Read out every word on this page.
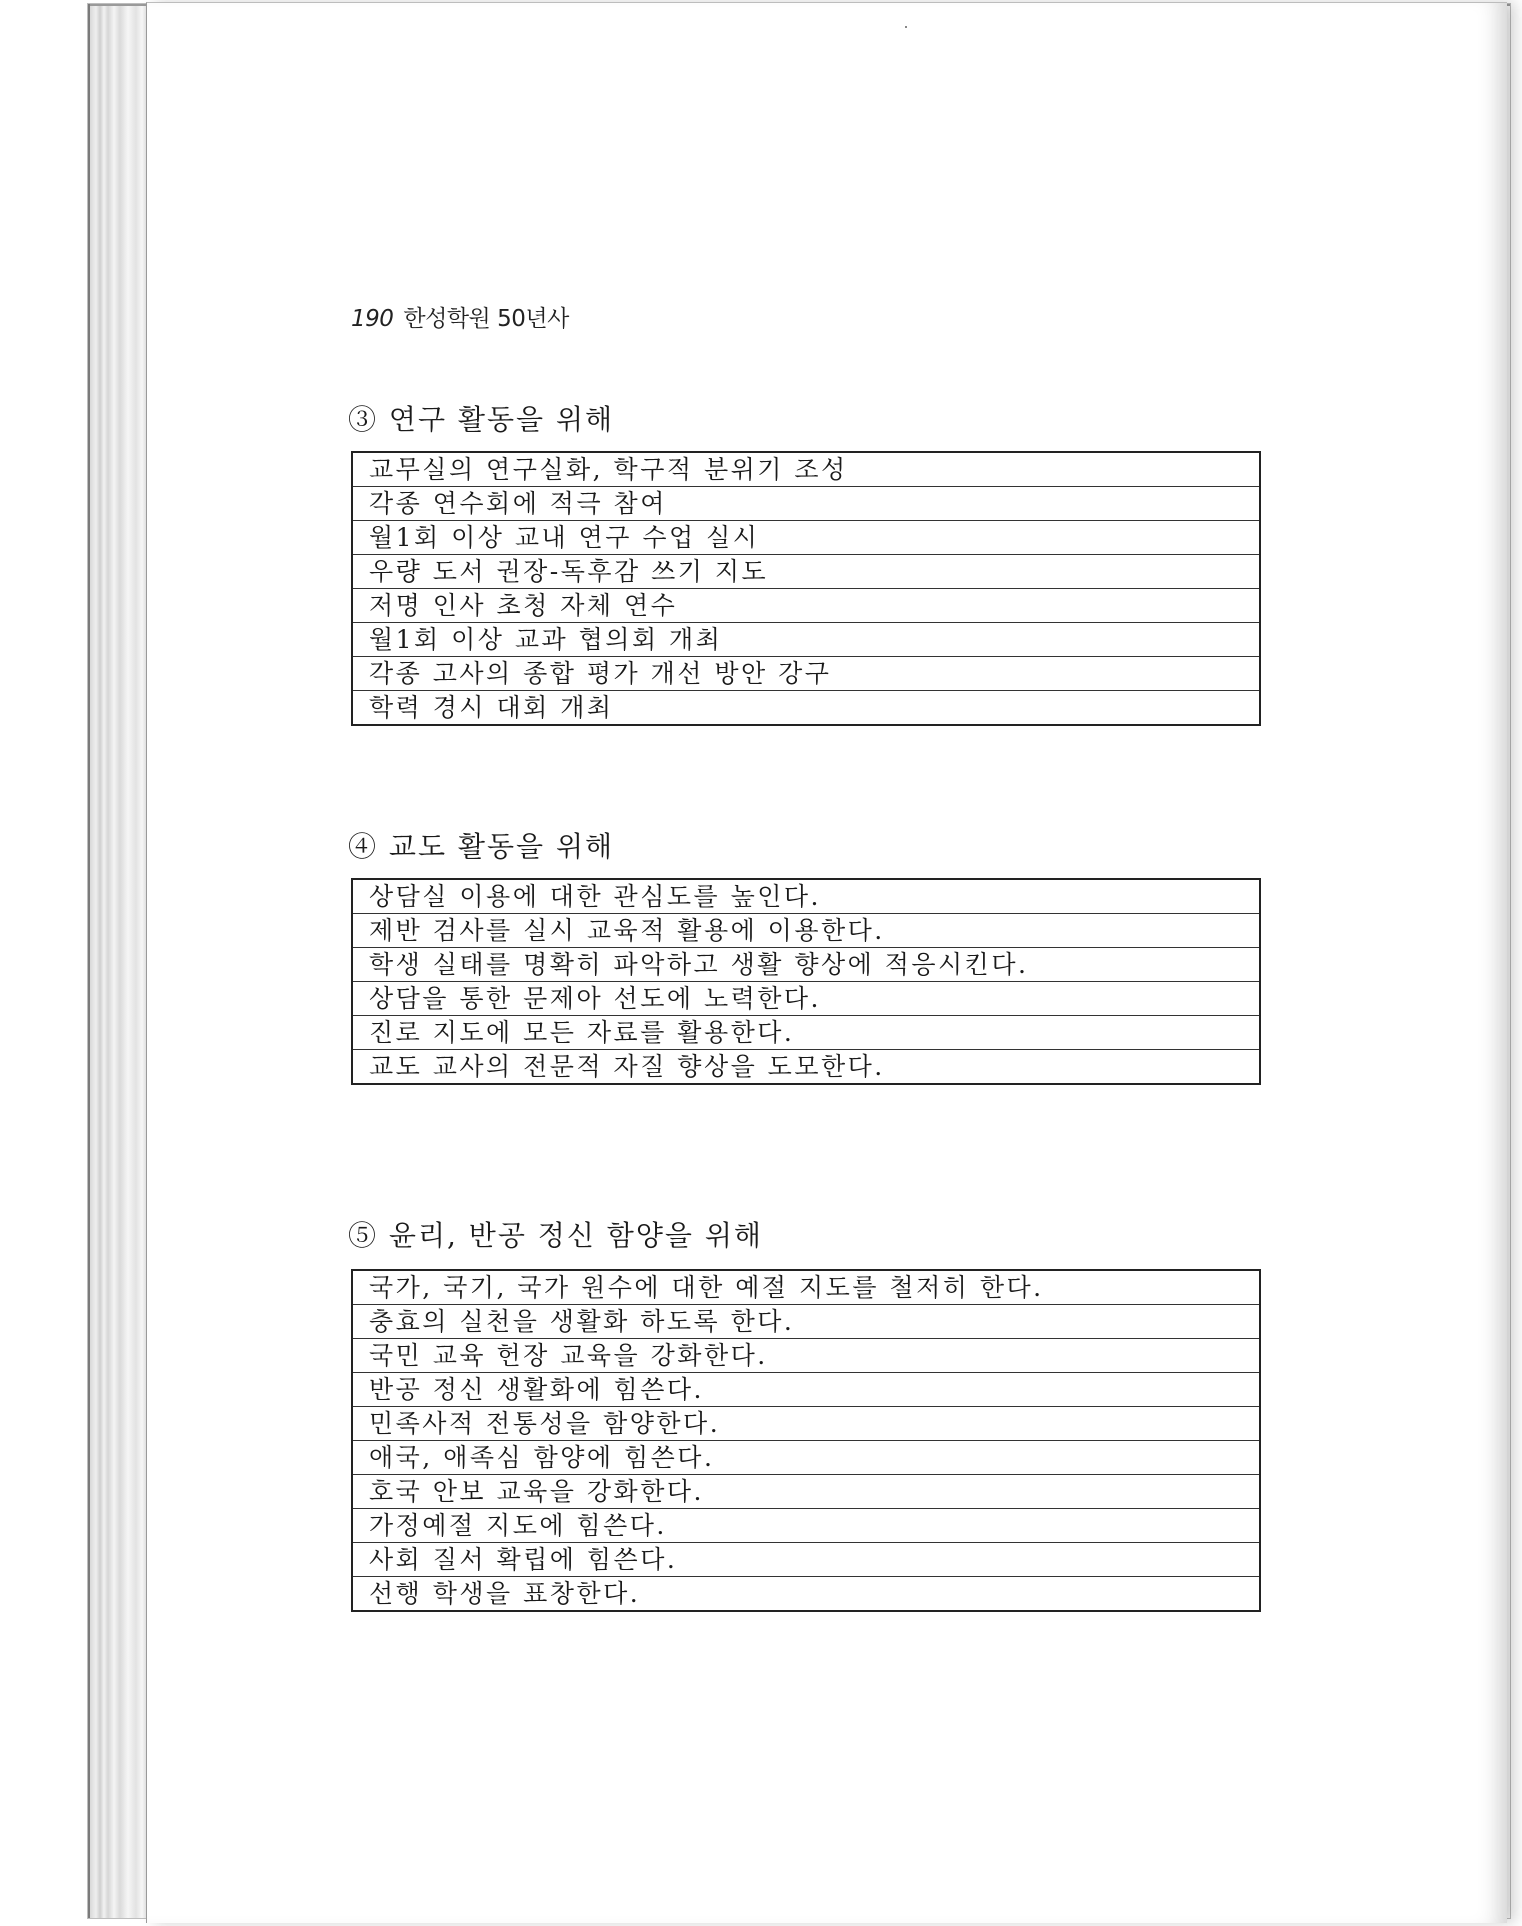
190 한성학원 50년사
③ 연구 활동을 위해
교무실의 연구실화, 학구적 분위기 조성
각종 연수회에 적극 참여
월1회 이상 교내 연구 수업 실시
우량 도서 권장-독후감 쓰기 지도
저명 인사 초청 자체 연수
월1회 이상 교과 협의회 개최
각종 고사의 종합 평가 개선 방안 강구
학력 경시 대회 개최
④ 교도 활동을 위해
상담실 이용에 대한 관심도를 높인다.
제반 검사를 실시 교육적 활용에 이용한다.
학생 실태를 명확히 파악하고 생활 향상에 적응시킨다.
상담을 통한 문제아 선도에 노력한다.
진로 지도에 모든 자료를 활용한다.
교도 교사의 전문적 자질 향상을 도모한다.
⑤ 윤리, 반공 정신 함양을 위해
국가, 국기, 국가 원수에 대한 예절 지도를 철저히 한다.
충효의 실천을 생활화 하도록 한다.
국민 교육 헌장 교육을 강화한다.
반공 정신 생활화에 힘쓴다.
민족사적 전통성을 함양한다.
애국, 애족심 함양에 힘쓴다.
호국 안보 교육을 강화한다.
가정예절 지도에 힘쓴다.
사회 질서 확립에 힘쓴다.
선행 학생을 표창한다.
